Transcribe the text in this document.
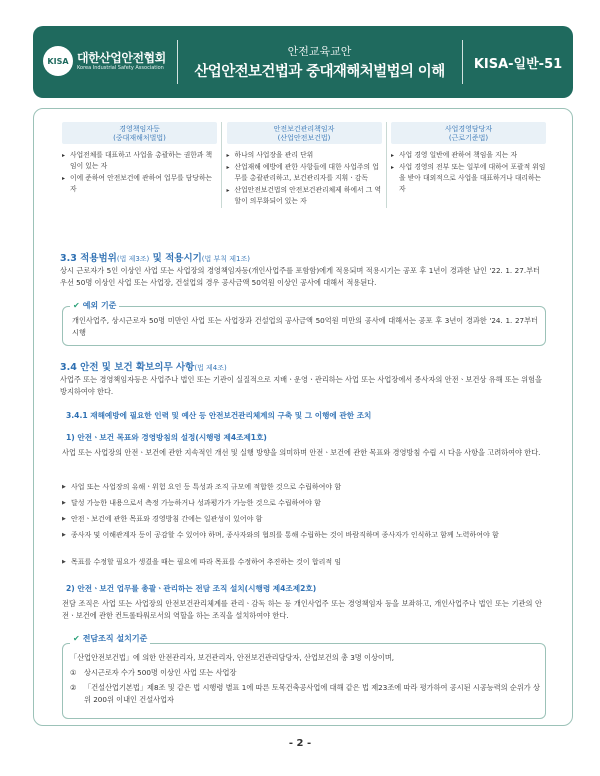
KISA 대한산업안전협회
Korea Industrial Safety Association
안전교육교안
산업안전보건법과 중대재해처벌법의 이해	KISA-일반-51
경영책임자등
(중대재해처벌법)
▸ 사업전체를 대표하고 사업을 총괄하는 권한과 책임이 있는 자
▸ 이에 준하여 안전보건에 관하여 업무를 담당하는 자
안전보건관리책임자
(산업안전보건법)
▸ 하나의 사업장을 관리 단위
▸ 산업재해 예방에 관한 사항들에 대한 사업주의 업무를 총괄관리하고, 보건관리자를 지휘ㆍ감독
▸ 산업안전보건법의 안전보건관리체제 하에서 그 역할이 의무화되어 있는 자
사업경영담당자
(근로기준법)
▸ 사업 경영 일반에 관하여 책임을 지는 자
▸ 사업 경영의 전부 또는 일부에 대하여 포괄적 위임을 받아 대외적으로 사업을 대표하거나 대리하는 자
3.3 적용범위(법 제3조) 및 적용시기(법 부칙 제1조)
상시 근로자가 5인 이상인 사업 또는 사업장의 경영책임자등(개인사업주를 포함함)에게 적용되며 적용시기는 공포 후 1년이 경과한 날인 '22. 1. 27.부터 우선 50명 이상인 사업 또는 사업장, 건설업의 경우 공사금액 50억원 이상인 공사에 대해서 적용된다.
✔ 예외 기준
개인사업주, 상시근로자 50명 미만인 사업 또는 사업장과 건설업의 공사금액 50억원 미만의 공사에 대해서는 공포 후 3년이 경과한 '24. 1. 27부터 시행
3.4 안전 및 보건 확보의무 사항(법 제4조)
사업주 또는 경영책임자등은 사업주나 법인 또는 기관이 실질적으로 지배ㆍ운영ㆍ관리하는 사업 또는 사업장에서 종사자의 안전ㆍ보건상 유해 또는 위험을 방지하여야 한다.
3.4.1 재해예방에 필요한 인력 및 예산 등 안전보건관리체계의 구축 및 그 이행에 관한 조치
1) 안전ㆍ보건 목표와 경영방침의 설정(시행령 제4조제1호)
사업 또는 사업장의 안전ㆍ보건에 관한 지속적인 개선 및 실행 방향을 의미하며 안전ㆍ보건에 관한 목표와 경영방침 수립 시 다음 사항을 고려하여야 한다.
▶ 사업 또는 사업장의 유해ㆍ위험 요인 등 특성과 조직 규모에 적합한 것으로 수립하여야 함
▶ 달성 가능한 내용으로서 측정 가능하거나 성과평가가 가능한 것으로 수립하여야 함
▶ 안전ㆍ보건에 관한 목표와 경영방침 간에는 일관성이 있어야 함
▶ 종사자 및 이해관계자 등이 공감할 수 있어야 하며, 종사자와의 협의를 통해 수립하는 것이 바람직하며 종사자가 인식하고 함께 노력하여야 함
▶ 목표를 수정할 필요가 생겼을 때는 필요에 따라 목표를 수정하여 추진하는 것이 합리적 임
2) 안전ㆍ보건 업무를 총괄ㆍ관리하는 전담 조직 설치(시행령 제4조제2호)
전담 조직은 사업 또는 사업장의 안전보건관리체계를 관리ㆍ감독 하는 등 개인사업주 또는 경영책임자 등을 보좌하고, 개인사업주나 법인 또는 기관의 안전ㆍ보건에 관한 컨트롤타워로서의 역할을 하는 조직을 설치하여야 한다.
✔ 전담조직 설치기준
「산업안전보건법」에 의한 안전관리자, 보건관리자, 안전보건관리담당자, 산업보건의 총 3명 이상이며,
① 상시근로자 수가 500명 이상인 사업 또는 사업장
② 「건설산업기본법」제8조 및 같은 법 시행령 별표 1에 따른 토목건축공사업에 대해 같은 법 제23조에 따라 평가하여 공시된 시공능력의 순위가 상위 200위 이내인 건설사업자
- 2 -
